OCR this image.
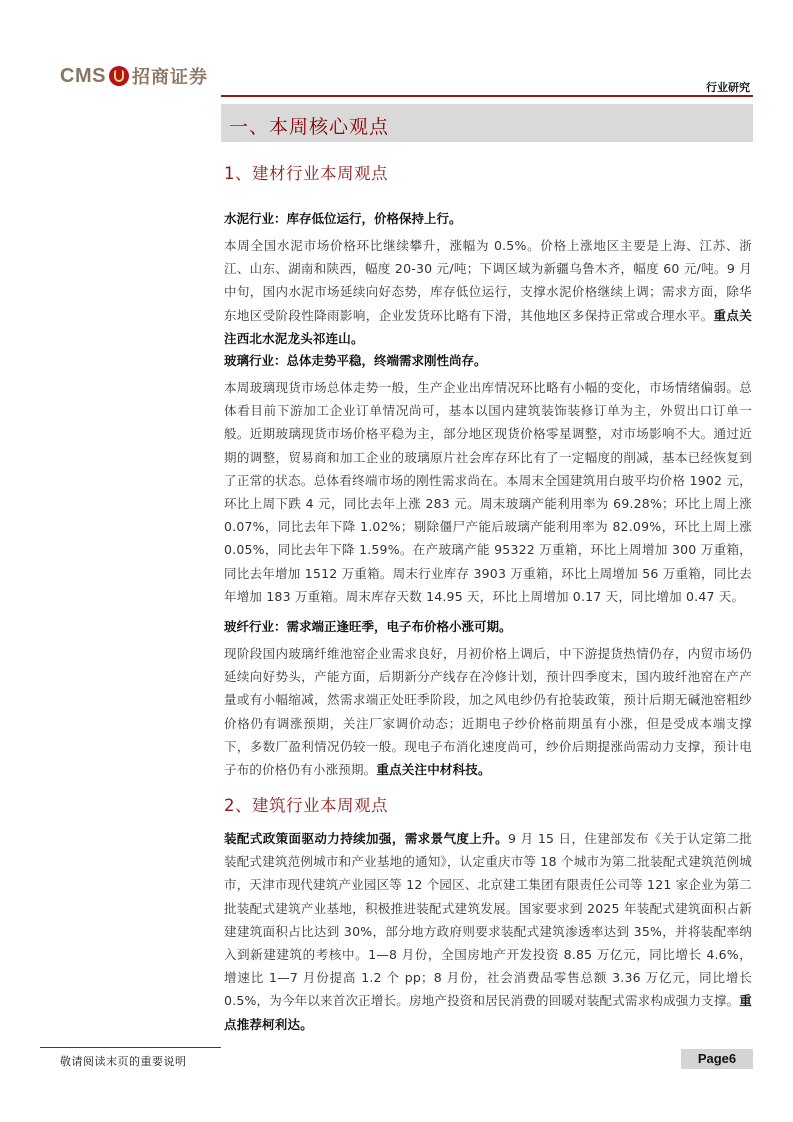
CMS 招商证券	行业研究
一、本周核心观点
1、建材行业本周观点
水泥行业：库存低位运行，价格保持上行。
本周全国水泥市场价格环比继续攀升，涨幅为 0.5%。价格上涨地区主要是上海、江苏、浙江、山东、湖南和陕西，幅度 20-30 元/吨；下调区域为新疆乌鲁木齐，幅度 60 元/吨。9 月中旬，国内水泥市场延续向好态势，库存低位运行，支撑水泥价格继续上调；需求方面，除华东地区受阶段性降雨影响，企业发货环比略有下滑，其他地区多保持正常或合理水平。重点关注西北水泥龙头祁连山。
玻璃行业：总体走势平稳，终端需求刚性尚存。
本周玻璃现货市场总体走势一般，生产企业出库情况环比略有小幅的变化，市场情绪偏弱。总体看目前下游加工企业订单情况尚可，基本以国内建筑装饰装修订单为主，外贸出口订单一般。近期玻璃现货市场价格平稳为主，部分地区现货价格零星调整，对市场影响不大。通过近期的调整，贸易商和加工企业的玻璃原片社会库存环比有了一定幅度的削减，基本已经恢复到了正常的状态。总体看终端市场的刚性需求尚在。本周末全国建筑用白玻平均价格 1902 元，环比上周下跌 4 元，同比去年上涨 283 元。周末玻璃产能利用率为 69.28%；环比上周上涨 0.07%，同比去年下降 1.02%；剔除僵尸产能后玻璃产能利用率为 82.09%，环比上周上涨 0.05%，同比去年下降 1.59%。在产玻璃产能 95322 万重箱，环比上周增加 300 万重箱，同比去年增加 1512 万重箱。周末行业库存 3903 万重箱，环比上周增加 56 万重箱，同比去年增加 183 万重箱。周末库存天数 14.95 天，环比上周增加 0.17 天，同比增加 0.47 天。
玻纤行业：需求端正逢旺季，电子布价格小涨可期。
现阶段国内玻璃纤维池窑企业需求良好，月初价格上调后，中下游提货热情仍存，内贸市场仍延续向好势头，产能方面，后期新分产线存在冷修计划，预计四季度末，国内玻纤池窑在产产量或有小幅缩减，然需求端正处旺季阶段，加之风电纱仍有抢装政策，预计后期无碱池窑粗纱价格仍有调涨预期，关注厂家调价动态；近期电子纱价格前期虽有小涨，但是受成本端支撑下，多数厂盈利情况仍较一般。现电子布消化速度尚可，纱价后期提涨尚需动力支撑，预计电子布的价格仍有小涨预期。重点关注中材科技。
2、建筑行业本周观点
装配式政策面驱动力持续加强，需求景气度上升。9 月 15 日，住建部发布《关于认定第二批装配式建筑范例城市和产业基地的通知》，认定重庆市等 18 个城市为第二批装配式建筑范例城市，天津市现代建筑产业园区等 12 个园区、北京建工集团有限责任公司等 121 家企业为第二批装配式建筑产业基地，积极推进装配式建筑发展。国家要求到 2025 年装配式建筑面积占新建建筑面积占比达到 30%，部分地方政府则要求装配式建筑渗透率达到 35%，并将装配率纳入到新建建筑的考核中。1—8 月份，全国房地产开发投资 8.85 万亿元，同比增长 4.6%， 增速比 1—7 月份提高 1.2 个 pp；8 月份，社会消费品零售总额 3.36 万亿元，同比增长 0.5%，为今年以来首次正增长。房地产投资和居民消费的回暖对装配式需求构成强力支撑。重点推荐柯利达。
敬请阅读末页的重要说明	Page6
